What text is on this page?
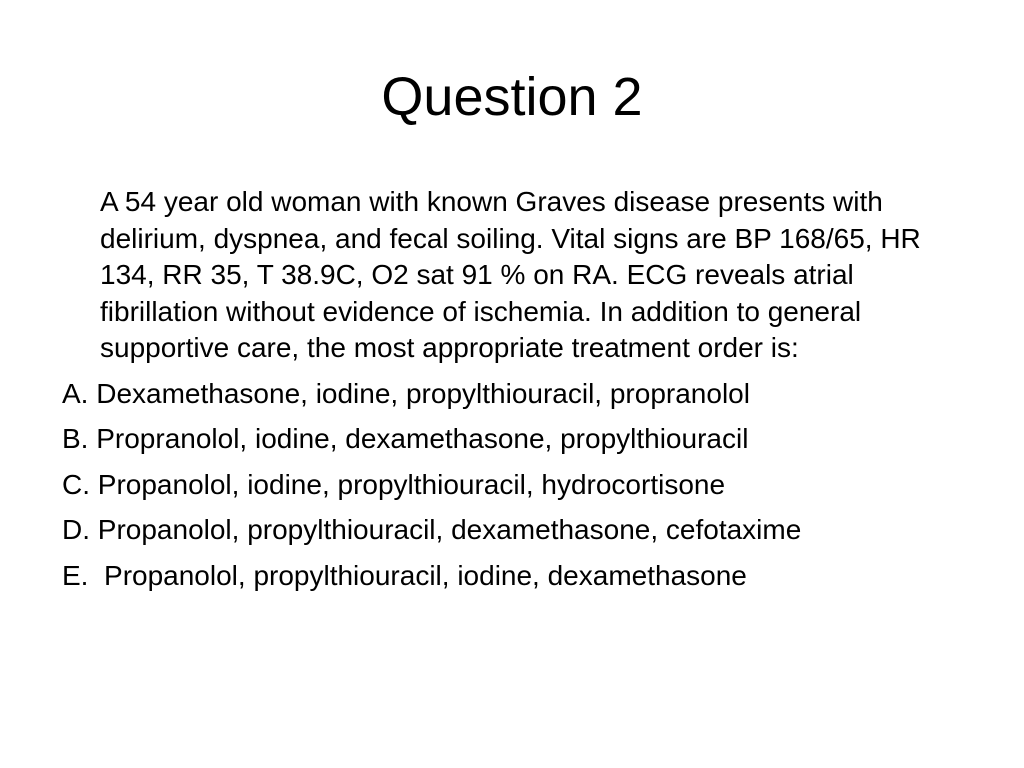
Question 2

A 54 year old woman with known Graves disease presents with delirium, dyspnea, and fecal soiling. Vital signs are BP 168/65, HR 134, RR 35, T 38.9C, O2 sat 91 % on RA. ECG reveals atrial fibrillation without evidence of ischemia. In addition to general supportive care, the most appropriate treatment order is:

A. Dexamethasone, iodine, propylthiouracil, propranolol

B. Propranolol, iodine, dexamethasone, propylthiouracil

C. Propanolol, iodine, propylthiouracil, hydrocortisone

D. Propanolol, propylthiouracil, dexamethasone, cefotaxime

E.  Propanolol, propylthiouracil, iodine, dexamethasone
